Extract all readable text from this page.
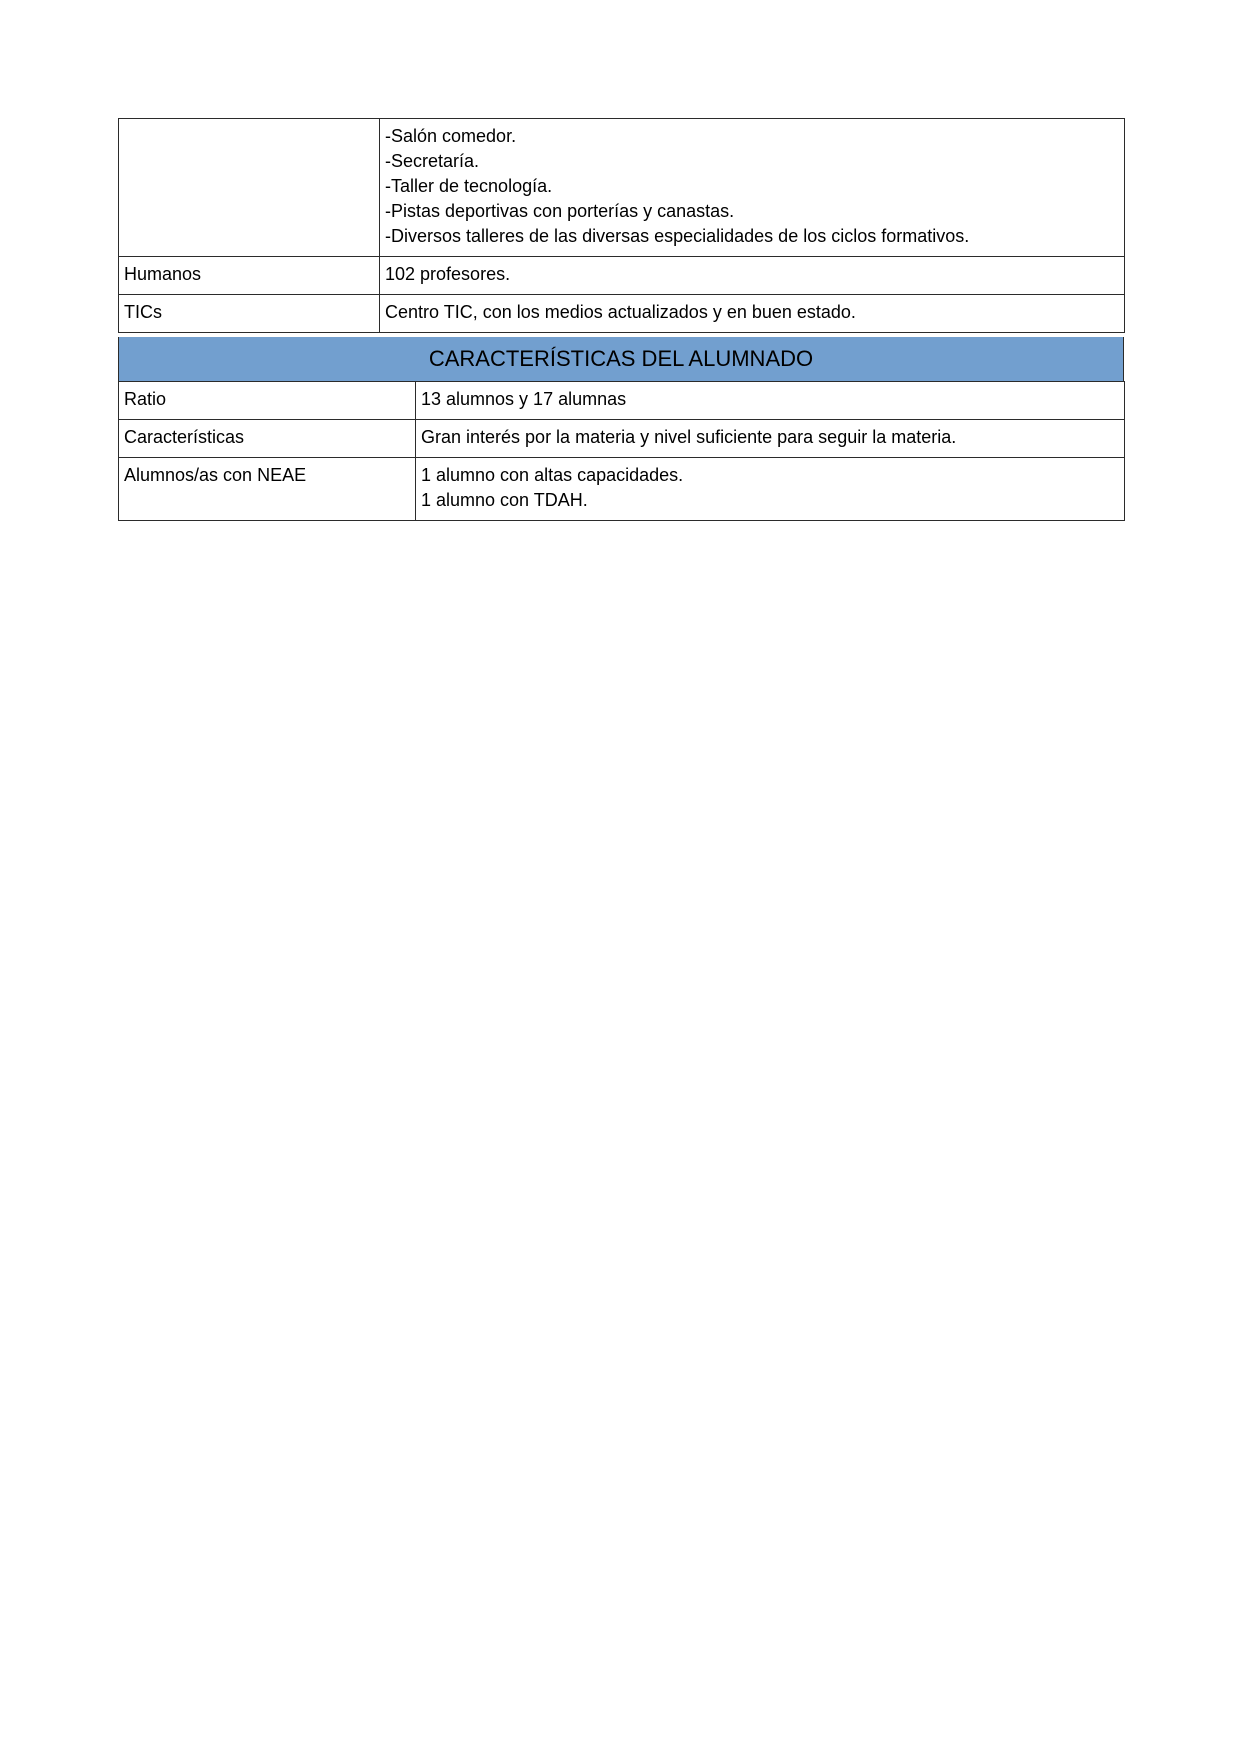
	-Salón comedor.
-Secretaría.
-Taller de tecnología.
-Pistas deportivas con porterías y canastas.
-Diversos talleres de las diversas especialidades de los ciclos formativos.

Humanos	102 profesores.

TICs	Centro TIC, con los medios actualizados y en buen estado.
CARACTERÍSTICAS DEL ALUMNADO
Ratio	13 alumnos y 17 alumnas

Características	Gran interés por la materia y nivel suficiente para seguir la materia.

Alumnos/as con NEAE	1 alumno con altas capacidades.
1 alumno con TDAH.
